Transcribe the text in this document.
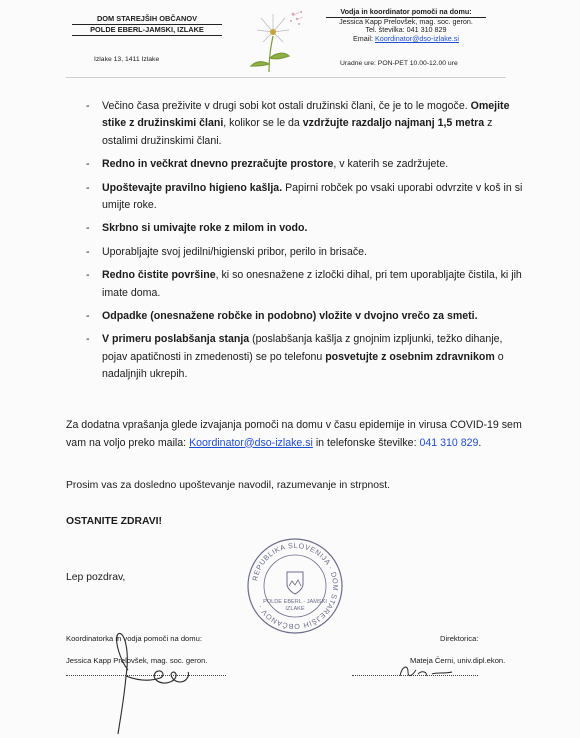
DOM STAREJŠIH OBČANOV
POLDE EBERL-JAMSKI, IZLAKE
Izlake 13, 1411 Izlake
Vodja in koordinator pomoči na domu:
Jessica Kapp Prelovšek, mag. soc. geron.
Tel. številka: 041 310 829
Email: Koordinator@dso-izlake.si
Uradne ure: PON-PET 10.00-12.00 ure
- Večino časa preživite v drugi sobi kot ostali družinski člani, če je to le mogoče. Omejite stike z družinskimi člani, kolikor se le da vzdržujte razdaljo najmanj 1,5 metra z ostalimi družinskimi člani.
- Redno in večkrat dnevno prezračujte prostore, v katerih se zadržujete.
- Upoštevajte pravilno higieno kašlja. Papirni robček po vsaki uporabi odvrzite v koš in si umijte roke.
- Skrbno si umivajte roke z milom in vodo.
- Uporabljajte svoj jedilni/higienski pribor, perilo in brisače.
- Redno čistite površine, ki so onesnažene z izločki dihal, pri tem uporabljajte čistila, ki jih imate doma.
- Odpadke (onesnažene robčke in podobno) vložite v dvojno vrečo za smeti.
- V primeru poslabšanja stanja (poslabšanja kašlja z gnojnim izpljunki, težko dihanje, pojav apatičnosti in zmedenosti) se po telefonu posvetujte z osebnim zdravnikom o nadaljnjih ukrepih.
Za dodatna vprašanja glede izvajanja pomoči na domu v času epidemije in virusa COVID-19 sem vam na voljo preko maila: Koordinator@dso-izlake.si in telefonske številke: 041 310 829.
Prosim vas za dosledno upoštevanje navodil, razumevanje in strpnost.
OSTANITE ZDRAVI!
Lep pozdrav,	REPUBLIKA SLOVENIJA · DOM STAREJŠIH OBČANOV ·
POLDE EBERL - JAMSKI
IZLAKE
Koordinatorka in vodja pomoči na domu:
Jessica Kapp Prelovšek, mag. soc. geron.
Direktorica:
Mateja Černi, univ.dipl.ekon.
